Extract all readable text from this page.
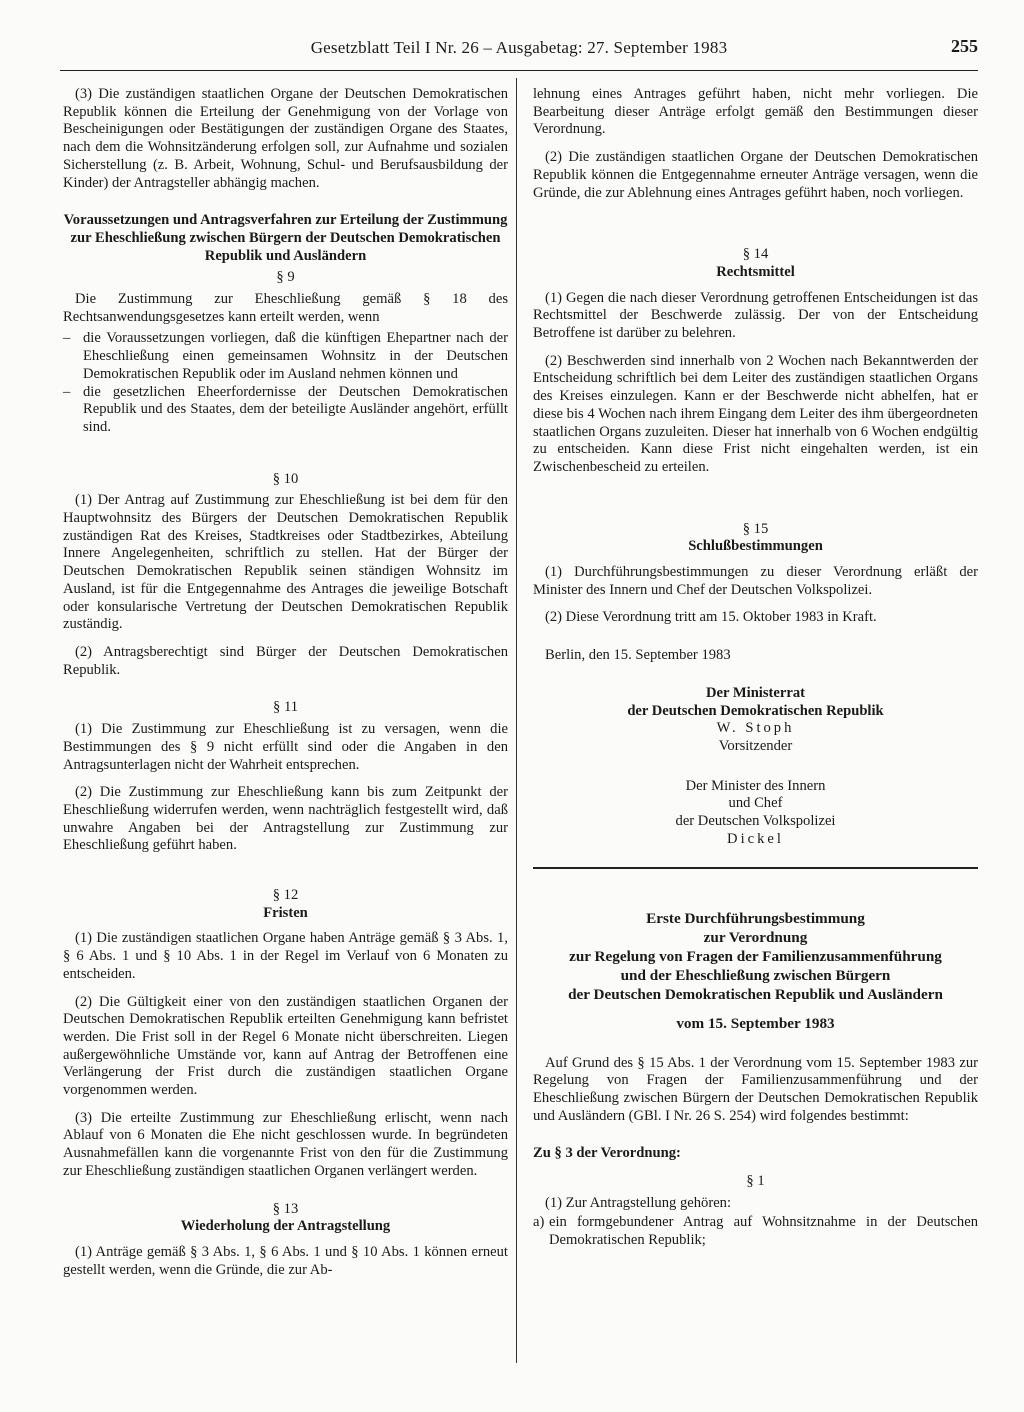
Gesetzblatt Teil I Nr. 26 – Ausgabetag: 27. September 1983	255

(3) Die zuständigen staatlichen Organe der Deutschen Demokratischen Republik können die Erteilung der Genehmigung von der Vorlage von Bescheinigungen oder Bestätigungen der zuständigen Organe des Staates, nach dem die Wohnsitzänderung erfolgen soll, zur Aufnahme und sozialen Sicherstellung (z. B. Arbeit, Wohnung, Schul- und Berufsausbildung der Kinder) der Antragsteller abhängig machen.

Voraussetzungen und Antragsverfahren zur Erteilung der Zustimmung zur Eheschließung zwischen Bürgern der Deutschen Demokratischen Republik und Ausländern

§ 9

Die Zustimmung zur Eheschließung gemäß § 18 des Rechtsanwendungsgesetzes kann erteilt werden, wenn

– die Voraussetzungen vorliegen, daß die künftigen Ehepartner nach der Eheschließung einen gemeinsamen Wohnsitz in der Deutschen Demokratischen Republik oder im Ausland nehmen können und
– die gesetzlichen Eheerfordernisse der Deutschen Demokratischen Republik und des Staates, dem der beteiligte Ausländer angehört, erfüllt sind.

§ 10

(1) Der Antrag auf Zustimmung zur Eheschließung ist bei dem für den Hauptwohnsitz des Bürgers der Deutschen Demokratischen Republik zuständigen Rat des Kreises, Stadtkreises oder Stadtbezirkes, Abteilung Innere Angelegenheiten, schriftlich zu stellen. Hat der Bürger der Deutschen Demokratischen Republik seinen ständigen Wohnsitz im Ausland, ist für die Entgegennahme des Antrages die jeweilige Botschaft oder konsularische Vertretung der Deutschen Demokratischen Republik zuständig.

(2) Antragsberechtigt sind Bürger der Deutschen Demokratischen Republik.

§ 11

(1) Die Zustimmung zur Eheschließung ist zu versagen, wenn die Bestimmungen des § 9 nicht erfüllt sind oder die Angaben in den Antragsunterlagen nicht der Wahrheit entsprechen.

(2) Die Zustimmung zur Eheschließung kann bis zum Zeitpunkt der Eheschließung widerrufen werden, wenn nachträglich festgestellt wird, daß unwahre Angaben bei der Antragstellung zur Zustimmung zur Eheschließung geführt haben.

§ 12

Fristen

(1) Die zuständigen staatlichen Organe haben Anträge gemäß § 3 Abs. 1, § 6 Abs. 1 und § 10 Abs. 1 in der Regel im Verlauf von 6 Monaten zu entscheiden.

(2) Die Gültigkeit einer von den zuständigen staatlichen Organen der Deutschen Demokratischen Republik erteilten Genehmigung kann befristet werden. Die Frist soll in der Regel 6 Monate nicht überschreiten. Liegen außergewöhnliche Umstände vor, kann auf Antrag der Betroffenen eine Verlängerung der Frist durch die zuständigen staatlichen Organe vorgenommen werden.

(3) Die erteilte Zustimmung zur Eheschließung erlischt, wenn nach Ablauf von 6 Monaten die Ehe nicht geschlossen wurde. In begründeten Ausnahmefällen kann die vorgenannte Frist von den für die Zustimmung zur Eheschließung zuständigen staatlichen Organen verlängert werden.

§ 13

Wiederholung der Antragstellung

(1) Anträge gemäß § 3 Abs. 1, § 6 Abs. 1 und § 10 Abs. 1 können erneut gestellt werden, wenn die Gründe, die zur Ab-

lehnung eines Antrages geführt haben, nicht mehr vorliegen. Die Bearbeitung dieser Anträge erfolgt gemäß den Bestimmungen dieser Verordnung.

(2) Die zuständigen staatlichen Organe der Deutschen Demokratischen Republik können die Entgegennahme erneuter Anträge versagen, wenn die Gründe, die zur Ablehnung eines Antrages geführt haben, noch vorliegen.

§ 14

Rechtsmittel

(1) Gegen die nach dieser Verordnung getroffenen Entscheidungen ist das Rechtsmittel der Beschwerde zulässig. Der von der Entscheidung Betroffene ist darüber zu belehren.

(2) Beschwerden sind innerhalb von 2 Wochen nach Bekanntwerden der Entscheidung schriftlich bei dem Leiter des zuständigen staatlichen Organs des Kreises einzulegen. Kann er der Beschwerde nicht abhelfen, hat er diese bis 4 Wochen nach ihrem Eingang dem Leiter des ihm übergeordneten staatlichen Organs zuzuleiten. Dieser hat innerhalb von 6 Wochen endgültig zu entscheiden. Kann diese Frist nicht eingehalten werden, ist ein Zwischenbescheid zu erteilen.

§ 15

Schlußbestimmungen

(1) Durchführungsbestimmungen zu dieser Verordnung erläßt der Minister des Innern und Chef der Deutschen Volkspolizei.

(2) Diese Verordnung tritt am 15. Oktober 1983 in Kraft.

Berlin, den 15. September 1983

Der Ministerrat

der Deutschen Demokratischen Republik

W. Stoph

Vorsitzender

Der Minister des Innern

und Chef

der Deutschen Volkspolizei

Dickel

Erste Durchführungsbestimmung

zur Verordnung

zur Regelung von Fragen der Familienzusammenführung

und der Eheschließung zwischen Bürgern

der Deutschen Demokratischen Republik und Ausländern

vom 15. September 1983

Auf Grund des § 15 Abs. 1 der Verordnung vom 15. September 1983 zur Regelung von Fragen der Familienzusammenführung und der Eheschließung zwischen Bürgern der Deutschen Demokratischen Republik und Ausländern (GBl. I Nr. 26 S. 254) wird folgendes bestimmt:

Zu § 3 der Verordnung:

§ 1

(1) Zur Antragstellung gehören:

a) ein formgebundener Antrag auf Wohnsitznahme in der Deutschen Demokratischen Republik;
